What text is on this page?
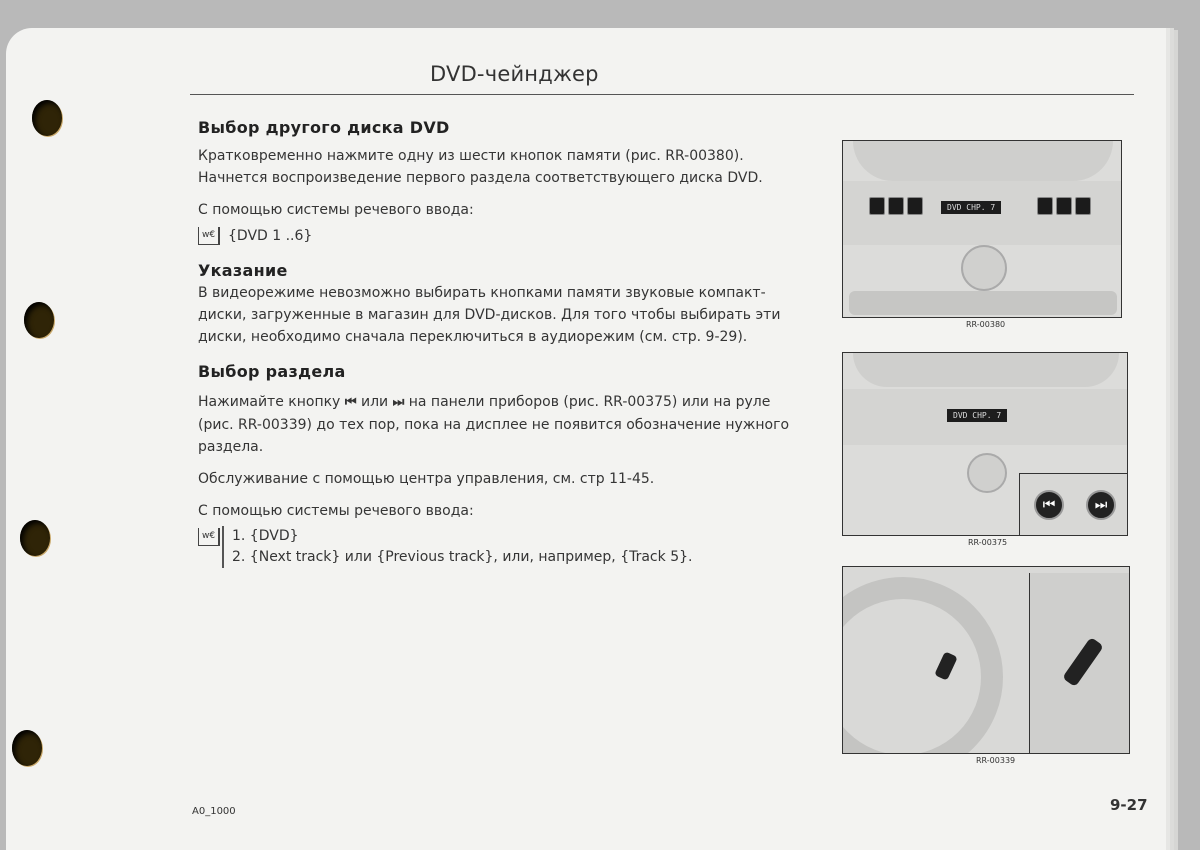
DVD-чейнджер
Выбор другого диска DVD

Кратковременно нажмите одну из шести кнопок памяти (рис. RR-00380). Начнется воспроизведение первого раздела соответствующего диска DVD.

С помощью системы речевого ввода:

w€ {DVD 1 ..6}

Указание

В видеорежиме невозможно выбирать кнопками памяти звуковые компакт-диски, загруженные в магазин для DVD-дисков. Для того чтобы выбирать эти диски, необходимо сначала переключиться в аудиорежим (см. стр. 9-29).

Выбор раздела

Нажимайте кнопку ⏮ или ⏭ на панели приборов (рис. RR-00375) или на руле (рис. RR-00339) до тех пор, пока на дисплее не появится обозначение нужного раздела.

Обслуживание с помощью центра управления, см. стр 11-45.

С помощью системы речевого ввода:

w€	1. {DVD}
2. {Next track} или {Previous track}, или, например, {Track 5}.
DVD CHP. 7
RR-00380
DVD CHP. 7
⏮	⏭
RR-00375
RR-00339
A0_1000	9-27
